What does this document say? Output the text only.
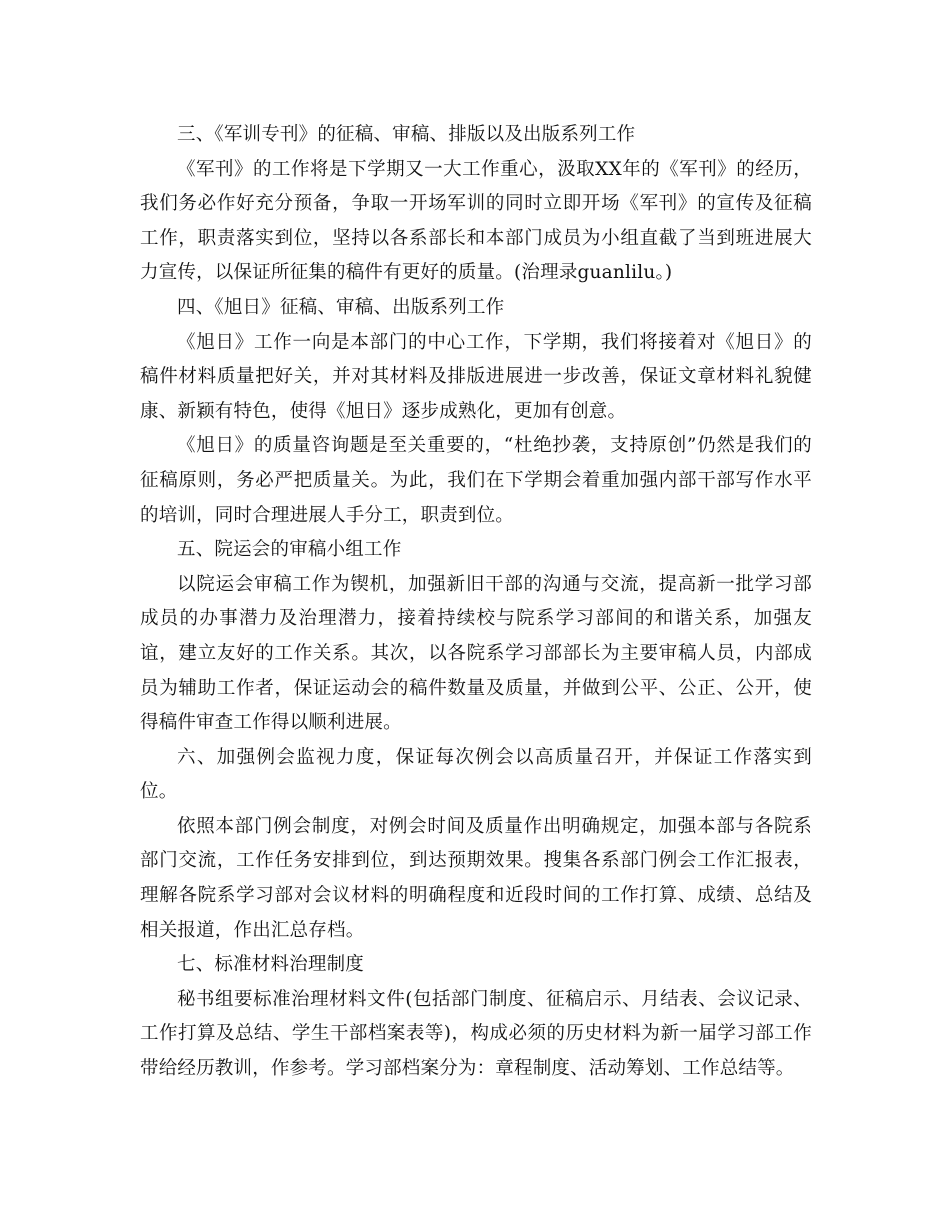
三、《军训专刊》的征稿、审稿、排版以及出版系列工作

《军刊》的工作将是下学期又一大工作重心，汲取XX年的《军刊》的经历，我们务必作好充分预备，争取一开场军训的同时立即开场《军刊》的宣传及征稿工作，职责落实到位，坚持以各系部长和本部门成员为小组直截了当到班进展大力宣传，以保证所征集的稿件有更好的质量。(治理录guanlilu。)

四、《旭日》征稿、审稿、出版系列工作

《旭日》工作一向是本部门的中心工作，下学期，我们将接着对《旭日》的稿件材料质量把好关，并对其材料及排版进展进一步改善，保证文章材料礼貌健康、新颖有特色，使得《旭日》逐步成熟化，更加有创意。

《旭日》的质量咨询题是至关重要的，“杜绝抄袭，支持原创”仍然是我们的征稿原则，务必严把质量关。为此，我们在下学期会着重加强内部干部写作水平的培训，同时合理进展人手分工，职责到位。

五、院运会的审稿小组工作

以院运会审稿工作为锲机，加强新旧干部的沟通与交流，提高新一批学习部成员的办事潜力及治理潜力，接着持续校与院系学习部间的和谐关系，加强友谊，建立友好的工作关系。其次，以各院系学习部部长为主要审稿人员，内部成员为辅助工作者，保证运动会的稿件数量及质量，并做到公平、公正、公开，使得稿件审查工作得以顺利进展。

六、加强例会监视力度，保证每次例会以高质量召开，并保证工作落实到位。

依照本部门例会制度，对例会时间及质量作出明确规定，加强本部与各院系部门交流，工作任务安排到位，到达预期效果。搜集各系部门例会工作汇报表，理解各院系学习部对会议材料的明确程度和近段时间的工作打算、成绩、总结及相关报道，作出汇总存档。

七、标准材料治理制度

秘书组要标准治理材料文件(包括部门制度、征稿启示、月结表、会议记录、工作打算及总结、学生干部档案表等)，构成必须的历史材料为新一届学习部工作带给经历教训，作参考。学习部档案分为：章程制度、活动筹划、工作总结等。
